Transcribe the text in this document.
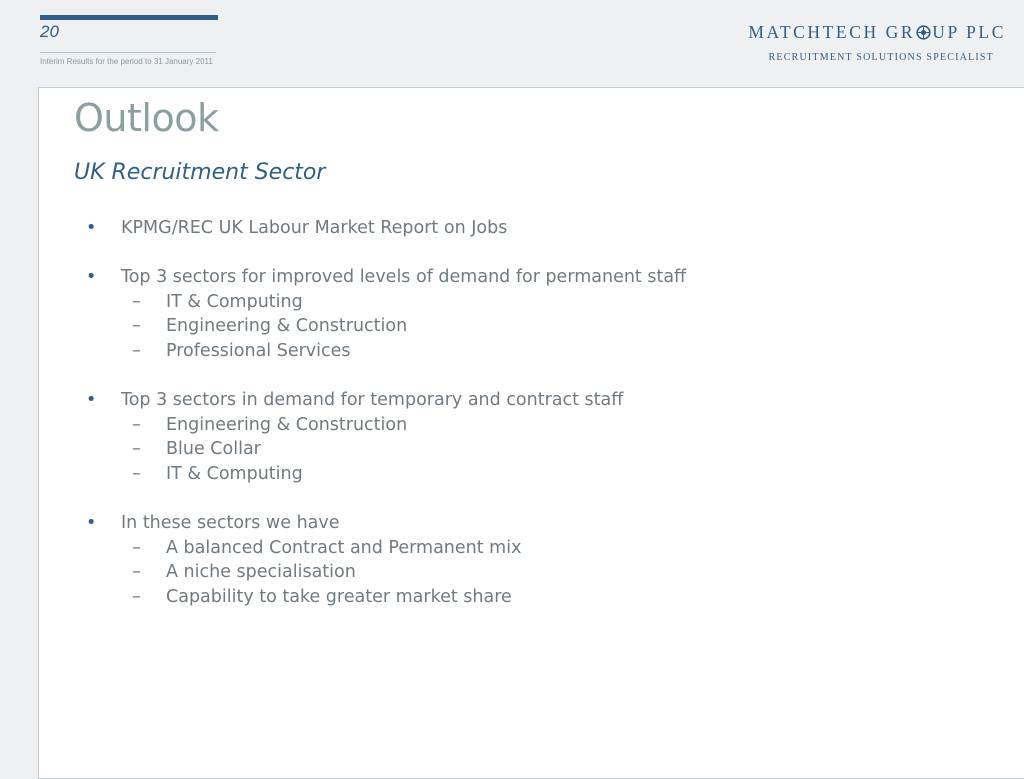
20
Interim Results for the period to 31 January 2011
MATCHTECH GR UP PLC
RECRUITMENT SOLUTIONS SPECIALIST
Outlook
UK Recruitment Sector
• KPMG/REC UK Labour Market Report on Jobs
• Top 3 sectors for improved levels of demand for permanent staff
– IT & Computing
– Engineering & Construction
– Professional Services
• Top 3 sectors in demand for temporary and contract staff
– Engineering & Construction
– Blue Collar
– IT & Computing
• In these sectors we have
– A balanced Contract and Permanent mix
– A niche specialisation
– Capability to take greater market share
